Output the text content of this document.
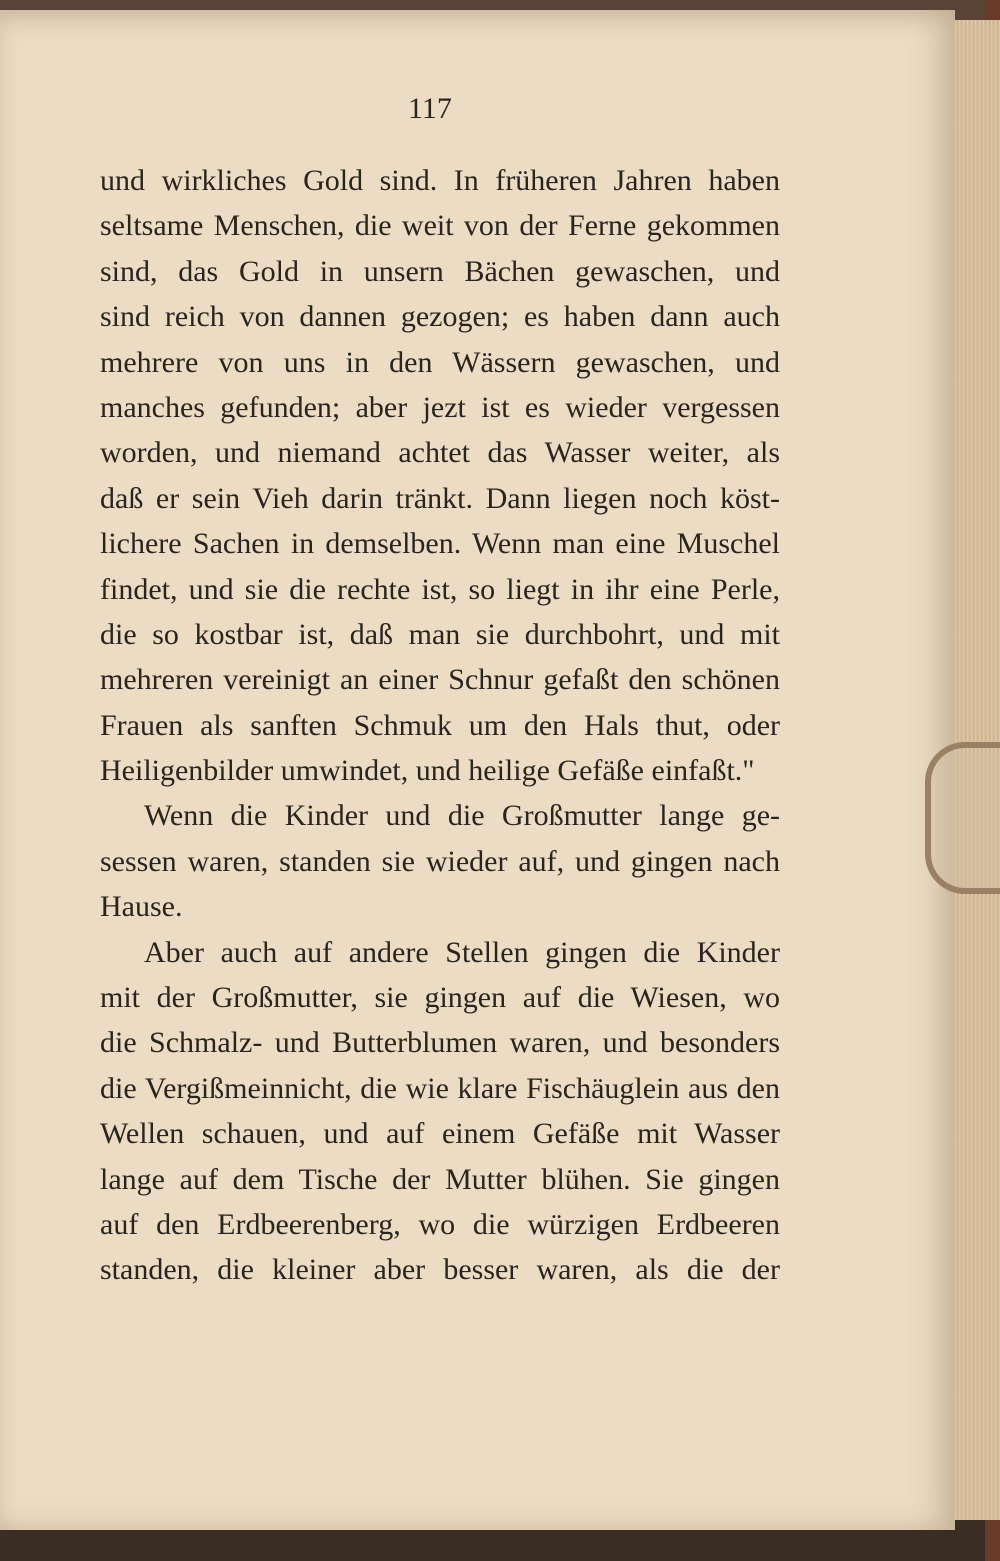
117
und wirkliches Gold sind. In früheren Jahren haben
seltsame Menschen, die weit von der Ferne gekommen
sind, das Gold in unsern Bächen gewaschen, und
sind reich von dannen gezogen; es haben dann auch
mehrere von uns in den Wässern gewaschen, und
manches gefunden; aber jezt ist es wieder vergessen
worden, und niemand achtet das Wasser weiter, als
daß er sein Vieh darin tränkt. Dann liegen noch köst-
lichere Sachen in demselben. Wenn man eine Muschel
findet, und sie die rechte ist, so liegt in ihr eine Perle,
die so kostbar ist, daß man sie durchbohrt, und mit
mehreren vereinigt an einer Schnur gefaßt den schönen
Frauen als sanften Schmuk um den Hals thut, oder
Heiligenbilder umwindet, und heilige Gefäße einfaßt."
Wenn die Kinder und die Großmutter lange ge-
sessen waren, standen sie wieder auf, und gingen nach
Hause.
Aber auch auf andere Stellen gingen die Kinder
mit der Großmutter, sie gingen auf die Wiesen, wo
die Schmalz- und Butterblumen waren, und besonders
die Vergißmeinnicht, die wie klare Fischäuglein aus den
Wellen schauen, und auf einem Gefäße mit Wasser
lange auf dem Tische der Mutter blühen. Sie gingen
auf den Erdbeerenberg, wo die würzigen Erdbeeren
standen, die kleiner aber besser waren, als die der
